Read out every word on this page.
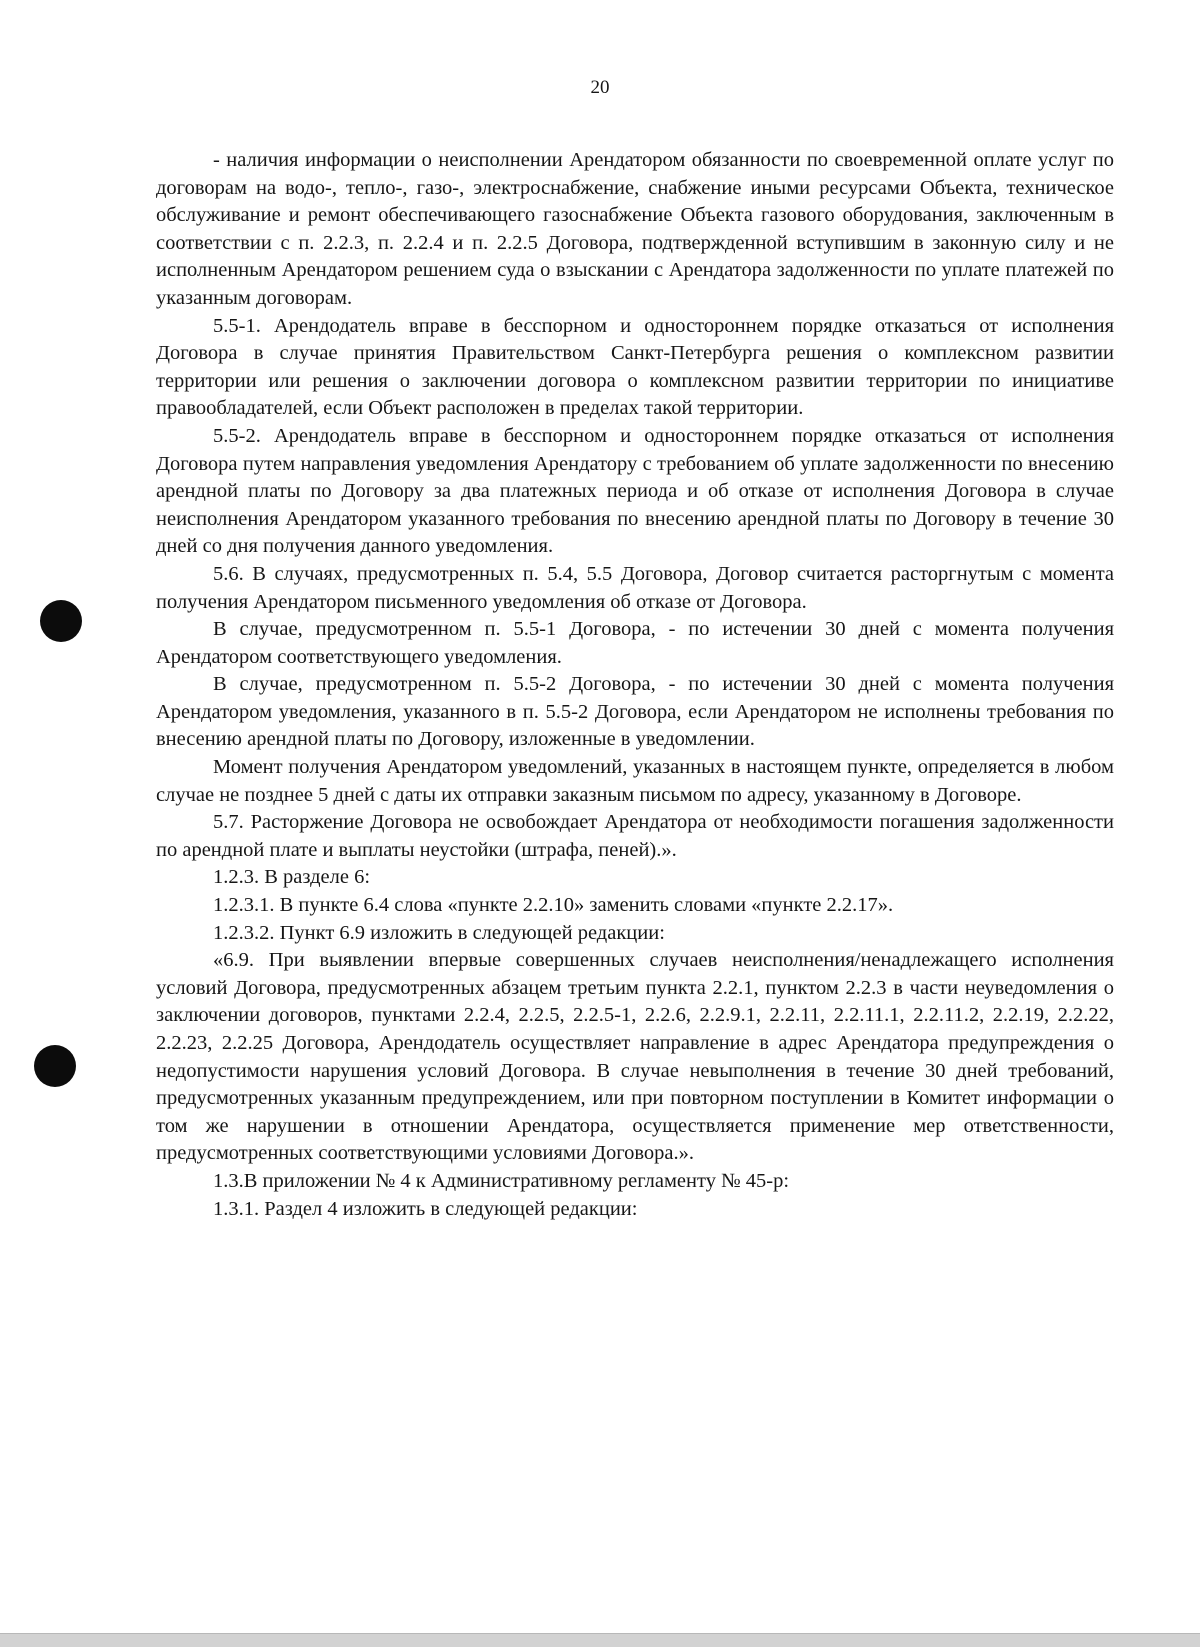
20

- наличия информации о неисполнении Арендатором обязанности по своевременной оплате услуг по договорам на водо-, тепло-, газо-, электроснабжение, снабжение иными ресурсами Объекта, техническое обслуживание и ремонт обеспечивающего газоснабжение Объекта газового оборудования, заключенным в соответствии с п. 2.2.3, п. 2.2.4 и п. 2.2.5 Договора, подтвержденной вступившим в законную силу и не исполненным Арендатором решением суда о взыскании с Арендатора задолженности по уплате платежей по указанным договорам.

5.5-1. Арендодатель вправе в бесспорном и одностороннем порядке отказаться от исполнения Договора в случае принятия Правительством Санкт-Петербурга решения о комплексном развитии территории или решения о заключении договора о комплексном развитии территории по инициативе правообладателей, если Объект расположен в пределах такой территории.

5.5-2. Арендодатель вправе в бесспорном и одностороннем порядке отказаться от исполнения Договора путем направления уведомления Арендатору с требованием об уплате задолженности по внесению арендной платы по Договору за два платежных периода и об отказе от исполнения Договора в случае неисполнения Арендатором указанного требования по внесению арендной платы по Договору в течение 30 дней со дня получения данного уведомления.

5.6. В случаях, предусмотренных п. 5.4, 5.5 Договора, Договор считается расторгнутым с момента получения Арендатором письменного уведомления об отказе от Договора.

В случае, предусмотренном п. 5.5-1 Договора, - по истечении 30 дней с момента получения Арендатором соответствующего уведомления.

В случае, предусмотренном п. 5.5-2 Договора, - по истечении 30 дней с момента получения Арендатором уведомления, указанного в п. 5.5-2 Договора, если Арендатором не исполнены требования по внесению арендной платы по Договору, изложенные в уведомлении.

Момент получения Арендатором уведомлений, указанных в настоящем пункте, определяется в любом случае не позднее 5 дней с даты их отправки заказным письмом по адресу, указанному в Договоре.

5.7. Расторжение Договора не освобождает Арендатора от необходимости погашения задолженности по арендной плате и выплаты неустойки (штрафа, пеней).».

1.2.3. В разделе 6:

1.2.3.1. В пункте 6.4 слова «пункте 2.2.10» заменить словами «пункте 2.2.17».

1.2.3.2. Пункт 6.9 изложить в следующей редакции:

«6.9. При выявлении впервые совершенных случаев неисполнения/ненадлежащего исполнения условий Договора, предусмотренных абзацем третьим пункта 2.2.1, пунктом 2.2.3 в части неуведомления о заключении договоров, пунктами 2.2.4, 2.2.5, 2.2.5-1, 2.2.6, 2.2.9.1, 2.2.11, 2.2.11.1, 2.2.11.2, 2.2.19, 2.2.22, 2.2.23, 2.2.25 Договора, Арендодатель осуществляет направление в адрес Арендатора предупреждения о недопустимости нарушения условий Договора. В случае невыполнения в течение 30 дней требований, предусмотренных указанным предупреждением, или при повторном поступлении в Комитет информации о том же нарушении в отношении Арендатора, осуществляется применение мер ответственности, предусмотренных соответствующими условиями Договора.».

1.3.В приложении № 4 к Административному регламенту № 45-р:

1.3.1. Раздел 4 изложить в следующей редакции:
